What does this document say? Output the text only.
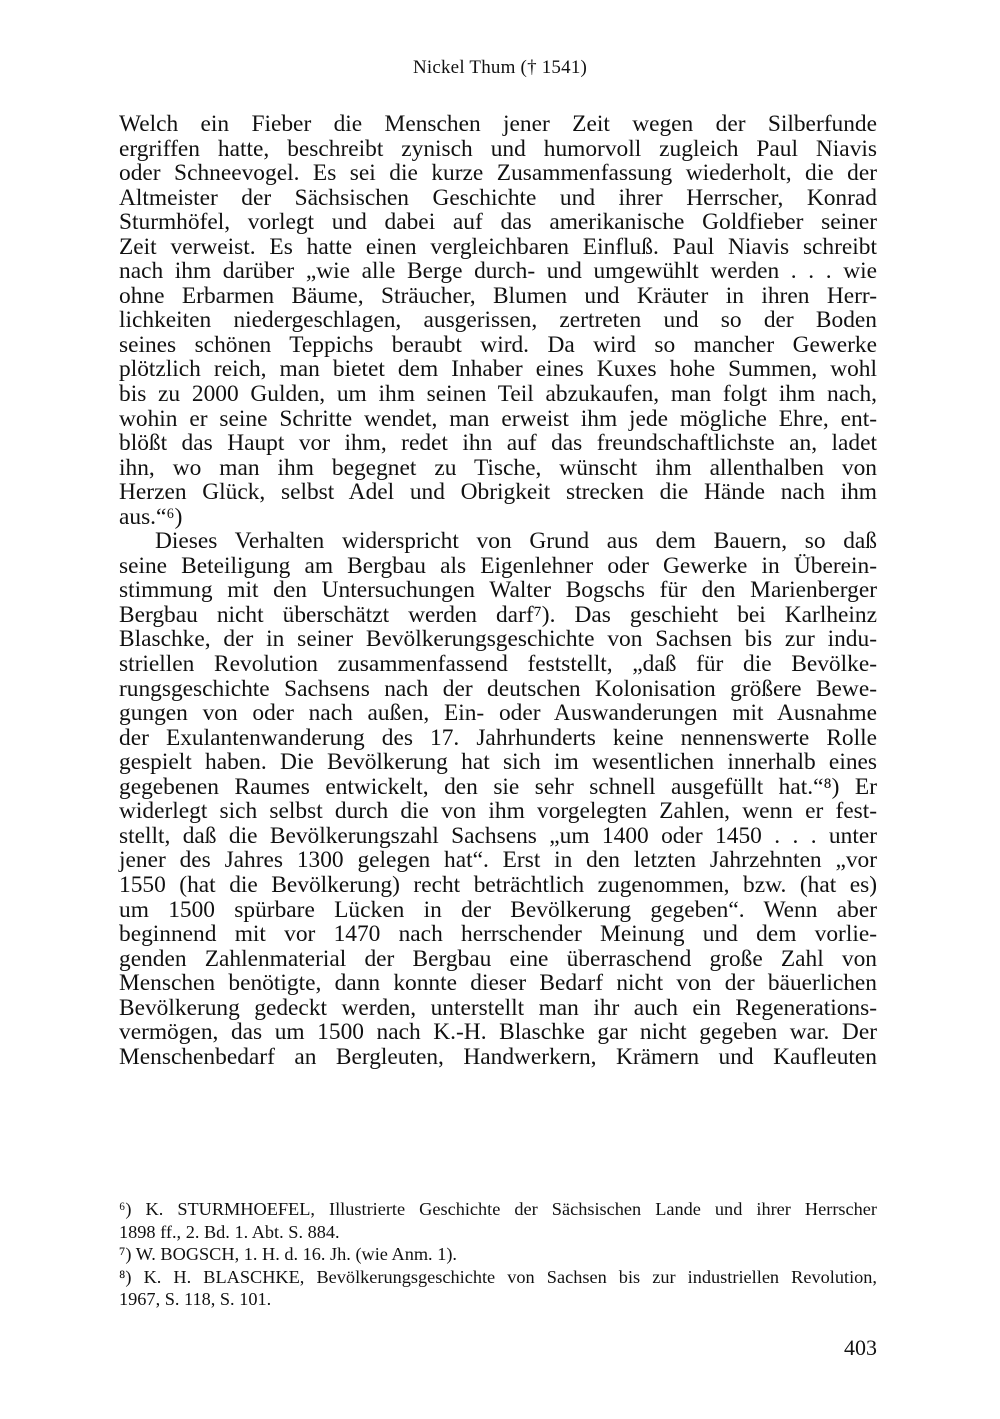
Nickel Thum († 1541)
Welch ein Fieber die Menschen jener Zeit wegen der Silberfunde
ergriffen hatte, beschreibt zynisch und humorvoll zugleich Paul Niavis
oder Schneevogel. Es sei die kurze Zusammenfassung wiederholt, die der
Altmeister der Sächsischen Geschichte und ihrer Herrscher, Konrad
Sturmhöfel, vorlegt und dabei auf das amerikanische Goldfieber seiner
Zeit verweist. Es hatte einen vergleichbaren Einfluß. Paul Niavis schreibt
nach ihm darüber „wie alle Berge durch- und umgewühlt werden . . . wie
ohne Erbarmen Bäume, Sträucher, Blumen und Kräuter in ihren Herr-
lichkeiten niedergeschlagen, ausgerissen, zertreten und so der Boden
seines schönen Teppichs beraubt wird. Da wird so mancher Gewerke
plötzlich reich, man bietet dem Inhaber eines Kuxes hohe Summen, wohl
bis zu 2000 Gulden, um ihm seinen Teil abzukaufen, man folgt ihm nach,
wohin er seine Schritte wendet, man erweist ihm jede mögliche Ehre, ent-
blößt das Haupt vor ihm, redet ihn auf das freundschaftlichste an, ladet
ihn, wo man ihm begegnet zu Tische, wünscht ihm allenthalben von
Herzen Glück, selbst Adel und Obrigkeit strecken die Hände nach ihm
aus.“⁶)
Dieses Verhalten widerspricht von Grund aus dem Bauern, so daß
seine Beteiligung am Bergbau als Eigenlehner oder Gewerke in Überein-
stimmung mit den Untersuchungen Walter Bogschs für den Marienberger
Bergbau nicht überschätzt werden darf⁷). Das geschieht bei Karlheinz
Blaschke, der in seiner Bevölkerungsgeschichte von Sachsen bis zur indu-
striellen Revolution zusammenfassend feststellt, „daß für die Bevölke-
rungsgeschichte Sachsens nach der deutschen Kolonisation größere Bewe-
gungen von oder nach außen, Ein- oder Auswanderungen mit Ausnahme
der Exulantenwanderung des 17. Jahrhunderts keine nennenswerte Rolle
gespielt haben. Die Bevölkerung hat sich im wesentlichen innerhalb eines
gegebenen Raumes entwickelt, den sie sehr schnell ausgefüllt hat.“⁸) Er
widerlegt sich selbst durch die von ihm vorgelegten Zahlen, wenn er fest-
stellt, daß die Bevölkerungszahl Sachsens „um 1400 oder 1450 . . . unter
jener des Jahres 1300 gelegen hat“. Erst in den letzten Jahrzehnten „vor
1550 (hat die Bevölkerung) recht beträchtlich zugenommen, bzw. (hat es)
um 1500 spürbare Lücken in der Bevölkerung gegeben“. Wenn aber
beginnend mit vor 1470 nach herrschender Meinung und dem vorlie-
genden Zahlenmaterial der Bergbau eine überraschend große Zahl von
Menschen benötigte, dann konnte dieser Bedarf nicht von der bäuerlichen
Bevölkerung gedeckt werden, unterstellt man ihr auch ein Regenerations-
vermögen, das um 1500 nach K.-H. Blaschke gar nicht gegeben war. Der
Menschenbedarf an Bergleuten, Handwerkern, Krämern und Kaufleuten
⁶) K. STURMHOEFEL, Illustrierte Geschichte der Sächsischen Lande und ihrer Herrscher
1898 ff., 2. Bd. 1. Abt. S. 884.
⁷) W. BOGSCH, 1. H. d. 16. Jh. (wie Anm. 1).
⁸) K. H. BLASCHKE, Bevölkerungsgeschichte von Sachsen bis zur industriellen Revolution,
1967, S. 118, S. 101.
403
